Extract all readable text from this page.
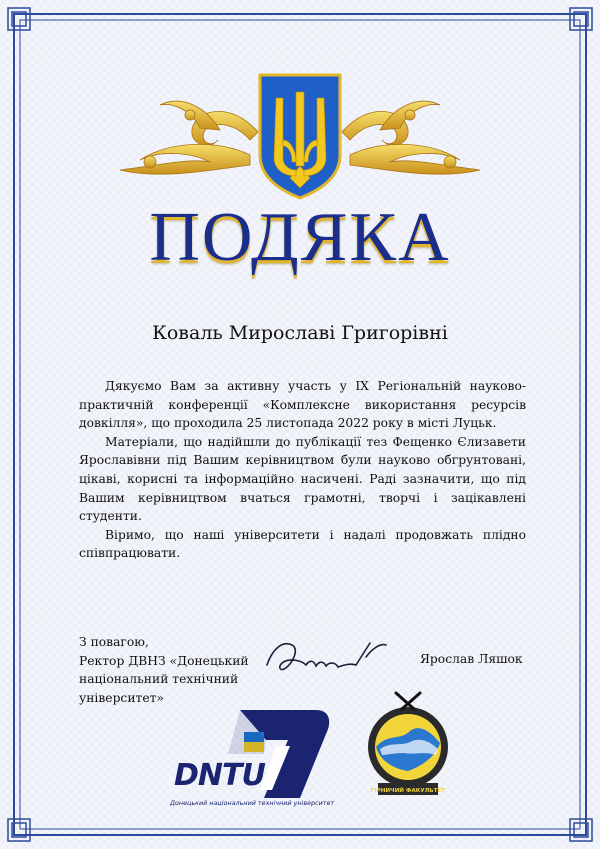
ПОДЯКА
Коваль Мирославі Григорівні

Дякуємо Вам за активну участь у ІХ Регіональній науково-практичній конференції «Комплексне використання ресурсів довкілля», що проходила 25 листопада 2022 року в місті Луцьк.

Матеріали, що надійшли до публікації тез Фещенко Єлизавети Ярославівни під Вашим керівництвом були науково обгрунтовані, цікаві, корисні та інформаційно насичені. Раді зазначити, що під Вашим керівництвом вчаться грамотні, творчі і зацікавлені студенти.

Віримо, що наші університети і надалі продовжать плідно співпрацювати.

З повагою,
Ректор ДВНЗ «Донецький
національний технічний
університет»
Ярослав Ляшок
DNTU
Донецький національний технічний університет
ГІРНИЧИЙ ФАКУЛЬТЕТ
